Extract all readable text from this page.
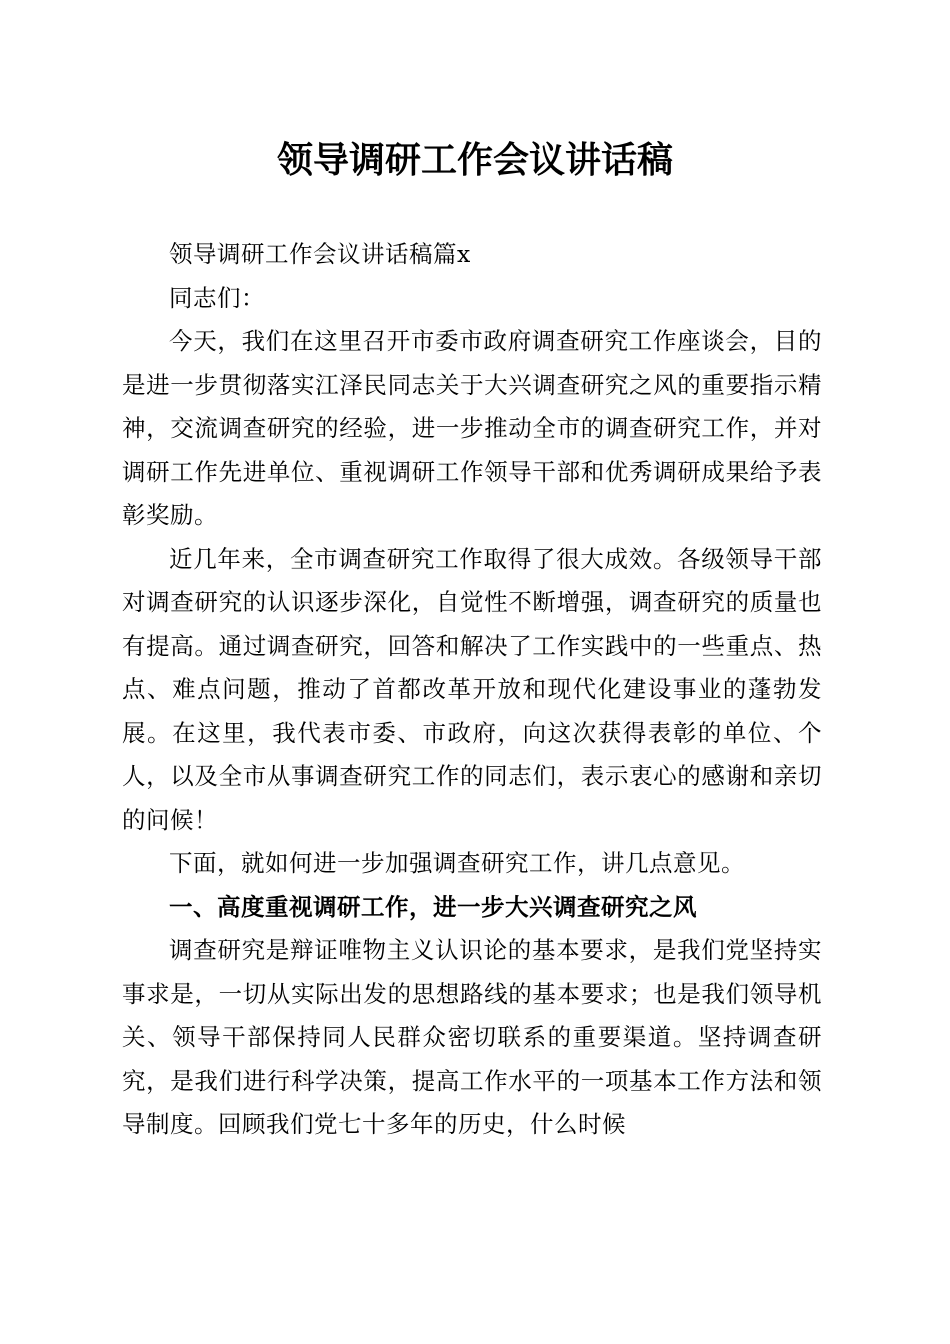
领导调研工作会议讲话稿

领导调研工作会议讲话稿篇x

同志们：

今天，我们在这里召开市委市政府调查研究工作座谈会，目的是进一步贯彻落实江泽民同志关于大兴调查研究之风的重要指示精神，交流调查研究的经验，进一步推动全市的调查研究工作，并对调研工作先进单位、重视调研工作领导干部和优秀调研成果给予表彰奖励。

近几年来，全市调查研究工作取得了很大成效。各级领导干部对调查研究的认识逐步深化，自觉性不断增强，调查研究的质量也有提高。通过调查研究，回答和解决了工作实践中的一些重点、热点、难点问题，推动了首都改革开放和现代化建设事业的蓬勃发展。在这里，我代表市委、市政府，向这次获得表彰的单位、个人，以及全市从事调查研究工作的同志们，表示衷心的感谢和亲切的问候！

下面，就如何进一步加强调查研究工作，讲几点意见。

一、高度重视调研工作，进一步大兴调查研究之风

调查研究是辩证唯物主义认识论的基本要求，是我们党坚持实事求是，一切从实际出发的思想路线的基本要求；也是我们领导机关、领导干部保持同人民群众密切联系的重要渠道。坚持调查研究，是我们进行科学决策，提高工作水平的一项基本工作方法和领导制度。回顾我们党七十多年的历史，什么时候
